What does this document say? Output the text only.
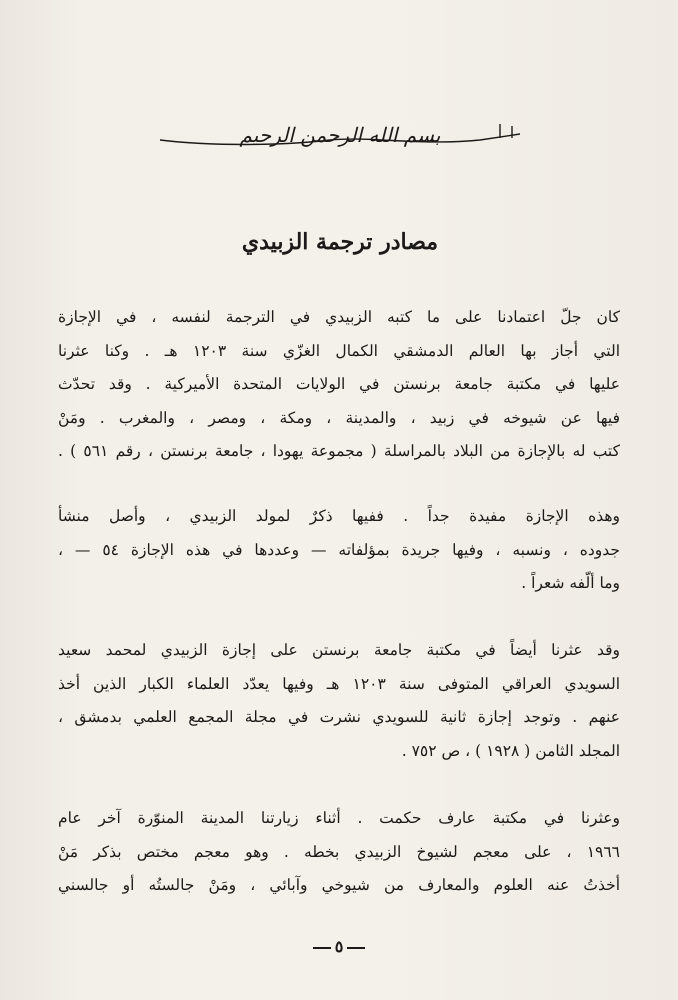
بسم الله الرحمن الرحيم
مصادر ترجمة الزبيدي
كان جلّ اعتمادنا على ما كتبه الزبيدي في الترجمة لنفسه ، في الإجازة
التي أجاز بها العالم الدمشقي الكمال الغزّي سنة ١٢٠٣ هـ . وكنا عثرنا
عليها في مكتبة جامعة برنستن في الولايات المتحدة الأميركية . وقد تحدّث
فيها عن شيوخه في زبيد ، والمدينة ، ومكة ، ومصر ، والمغرب . ومَنْ
كتب له بالإجازة من البلاد بالمراسلة ( مجموعة يهودا ، جامعة برنستن ، رقم ٥٦١ ) .
وهذه الإجازة مفيدة جداً . ففيها ذكرٌ لمولد الزبيدي ، وأصل منشأ
جدوده ، ونسبه ، وفيها جريدة بمؤلفاته — وعددها في هذه الإجازة ٥٤ — ،
وما ألّفه شعراً .
وقد عثرنا أيضاً في مكتبة جامعة برنستن على إجازة الزبيدي لمحمد سعيد
السويدي العراقي المتوفى سنة ١٢٠٣ هـ وفيها يعدّد العلماء الكبار الذين أخذ
عنهم . وتوجد إجازة ثانية للسويدي نشرت في مجلة المجمع العلمي بدمشق ،
المجلد الثامن ( ١٩٢٨ ) ، ص ٧٥٢ .
وعثرنا في مكتبة عارف حكمت . أثناء زيارتنا المدينة المنوّرة آخر عام
١٩٦٦ ، على معجم لشيوخ الزبيدي بخطه . وهو معجم مختص بذكر مَنْ
أخذتُ عنه العلوم والمعارف من شيوخي وآبائي ، ومَنْ جالستُه أو جالسني
٥
